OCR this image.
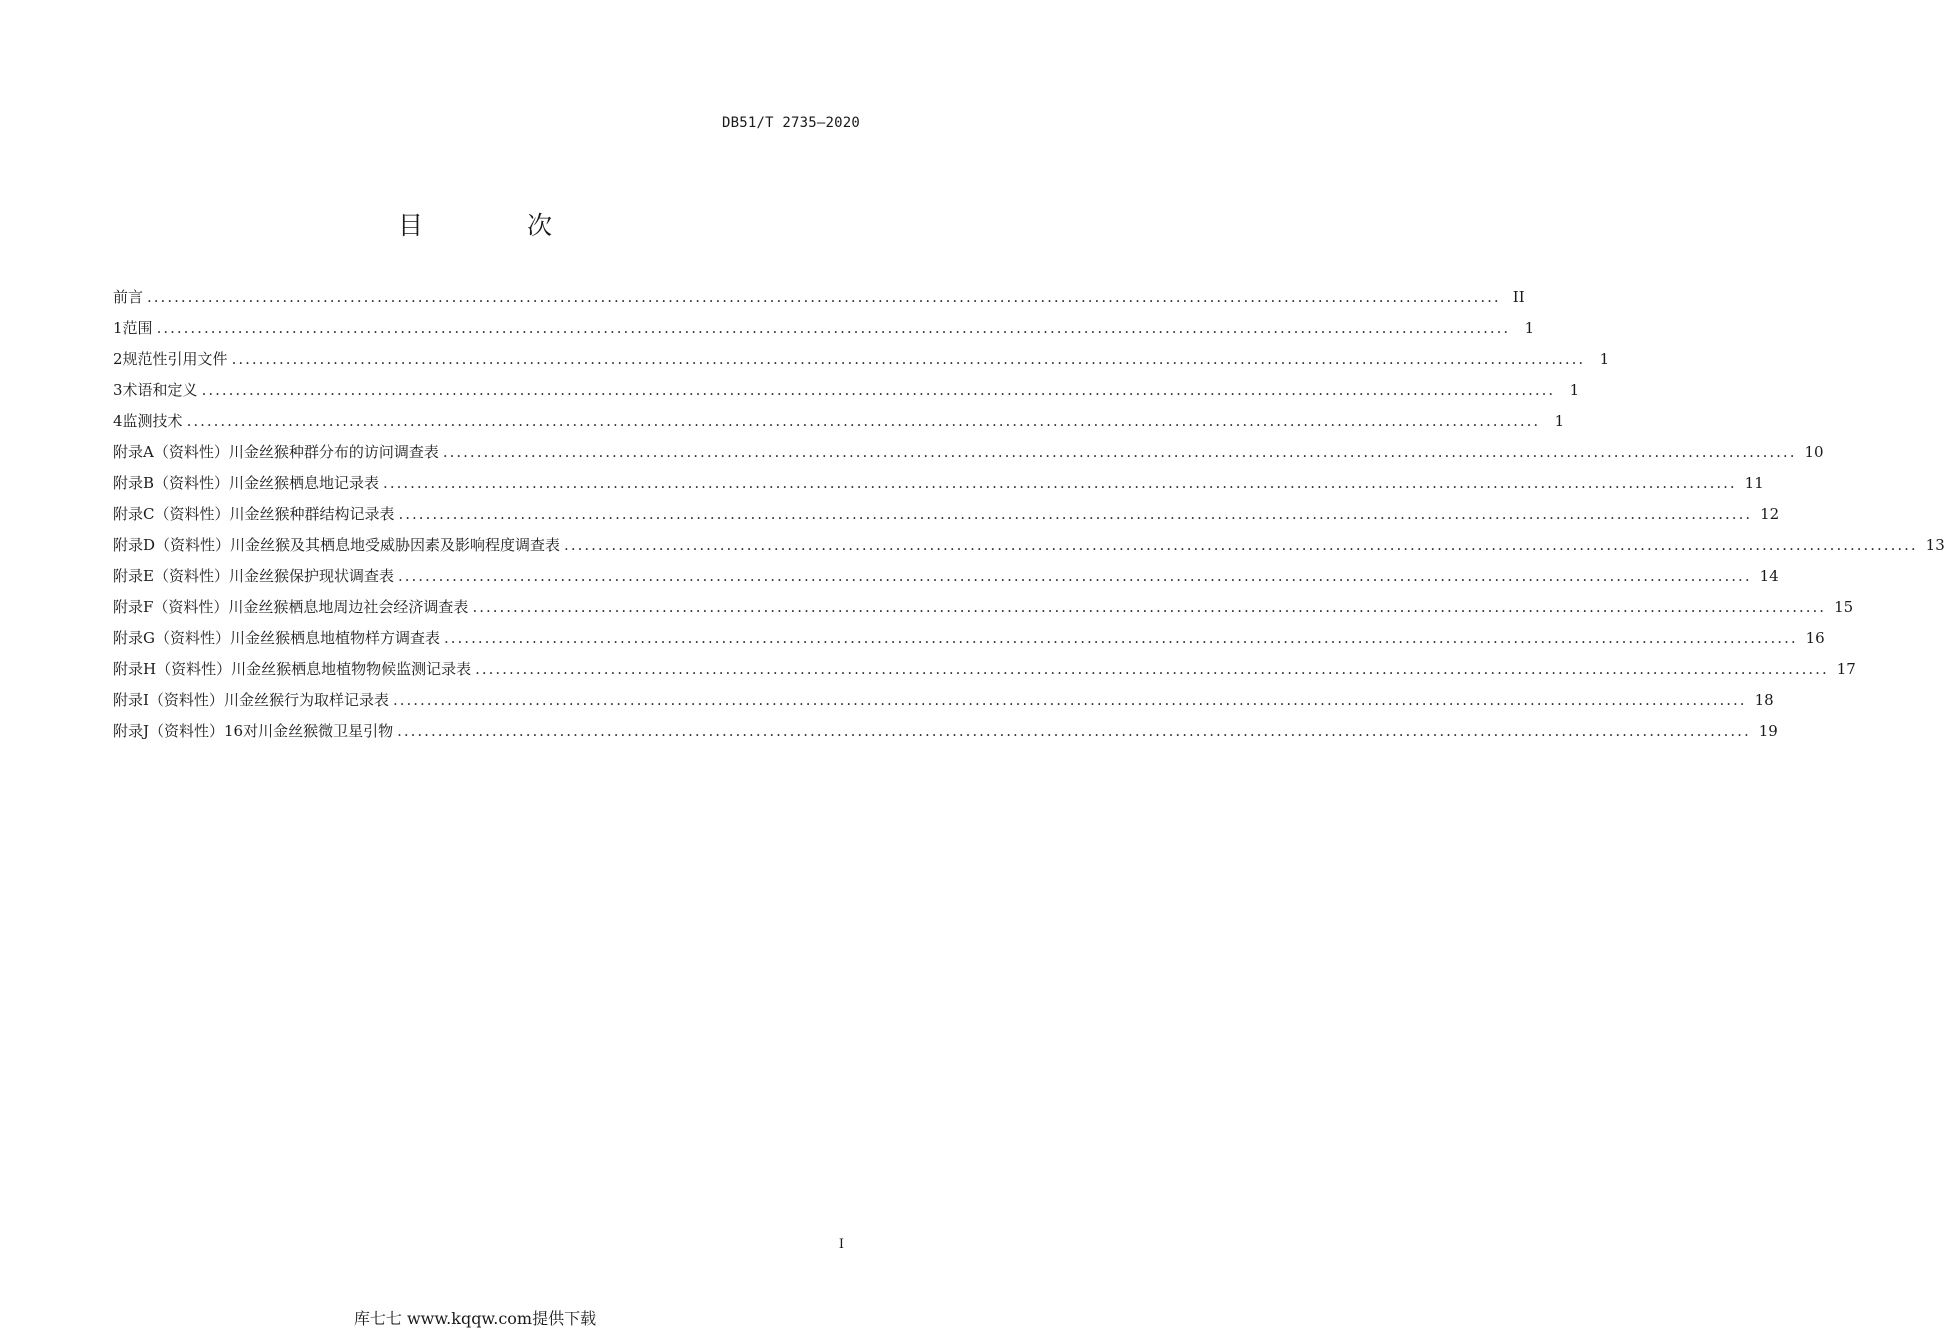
DB51/T 2735—2020
目 次
前言 ........................................................................................................................................................................................................ II
1 范围 ........................................................................................................................................................................................................ 1
2 规范性引用文件 ........................................................................................................................................................................................................ 1
3 术语和定义 ........................................................................................................................................................................................................ 1
4 监测技术 ........................................................................................................................................................................................................ 1
附录A（资料性） 川金丝猴种群分布的访问调查表 ........................................................................................................................................................................................................ 10
附录B（资料性） 川金丝猴栖息地记录表 ........................................................................................................................................................................................................ 11
附录C（资料性） 川金丝猴种群结构记录表 ........................................................................................................................................................................................................ 12
附录D（资料性） 川金丝猴及其栖息地受威胁因素及影响程度调查表 ........................................................................................................................................................................................................ 13
附录E（资料性） 川金丝猴保护现状调查表 ........................................................................................................................................................................................................ 14
附录F（资料性） 川金丝猴栖息地周边社会经济调查表 ........................................................................................................................................................................................................ 15
附录G（资料性） 川金丝猴栖息地植物样方调查表 ........................................................................................................................................................................................................ 16
附录H（资料性） 川金丝猴栖息地植物物候监测记录表 ........................................................................................................................................................................................................ 17
附录I（资料性） 川金丝猴行为取样记录表 ........................................................................................................................................................................................................ 18
附录J（资料性） 16对川金丝猴微卫星引物 ........................................................................................................................................................................................................ 19
I
库七七 www.kqqw.com提供下载
